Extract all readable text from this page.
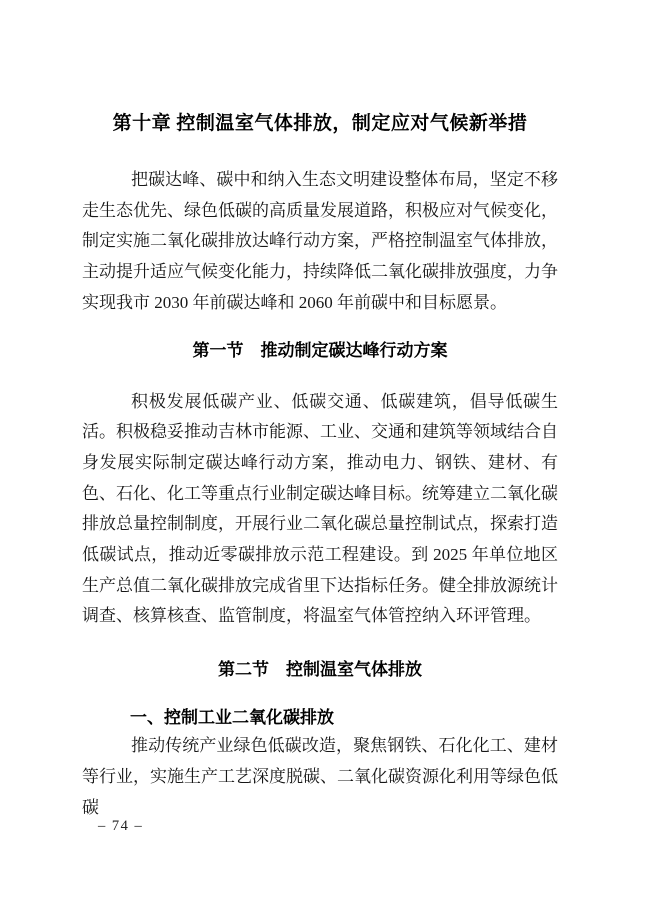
第十章 控制温室气体排放，制定应对气候新举措

把碳达峰、碳中和纳入生态文明建设整体布局，坚定不移走生态优先、绿色低碳的高质量发展道路，积极应对气候变化，制定实施二氧化碳排放达峰行动方案，严格控制温室气体排放，主动提升适应气候变化能力，持续降低二氧化碳排放强度，力争实现我市 2030 年前碳达峰和 2060 年前碳中和目标愿景。

第一节　推动制定碳达峰行动方案

积极发展低碳产业、低碳交通、低碳建筑，倡导低碳生活。积极稳妥推动吉林市能源、工业、交通和建筑等领域结合自身发展实际制定碳达峰行动方案，推动电力、钢铁、建材、有色、石化、化工等重点行业制定碳达峰目标。统筹建立二氧化碳排放总量控制制度，开展行业二氧化碳总量控制试点，探索打造低碳试点，推动近零碳排放示范工程建设。到 2025 年单位地区生产总值二氧化碳排放完成省里下达指标任务。健全排放源统计调查、核算核查、监管制度，将温室气体管控纳入环评管理。

第二节　控制温室气体排放
一、控制工业二氧化碳排放

推动传统产业绿色低碳改造，聚焦钢铁、石化化工、建材等行业，实施生产工艺深度脱碳、二氧化碳资源化利用等绿色低碳

– 74 –
